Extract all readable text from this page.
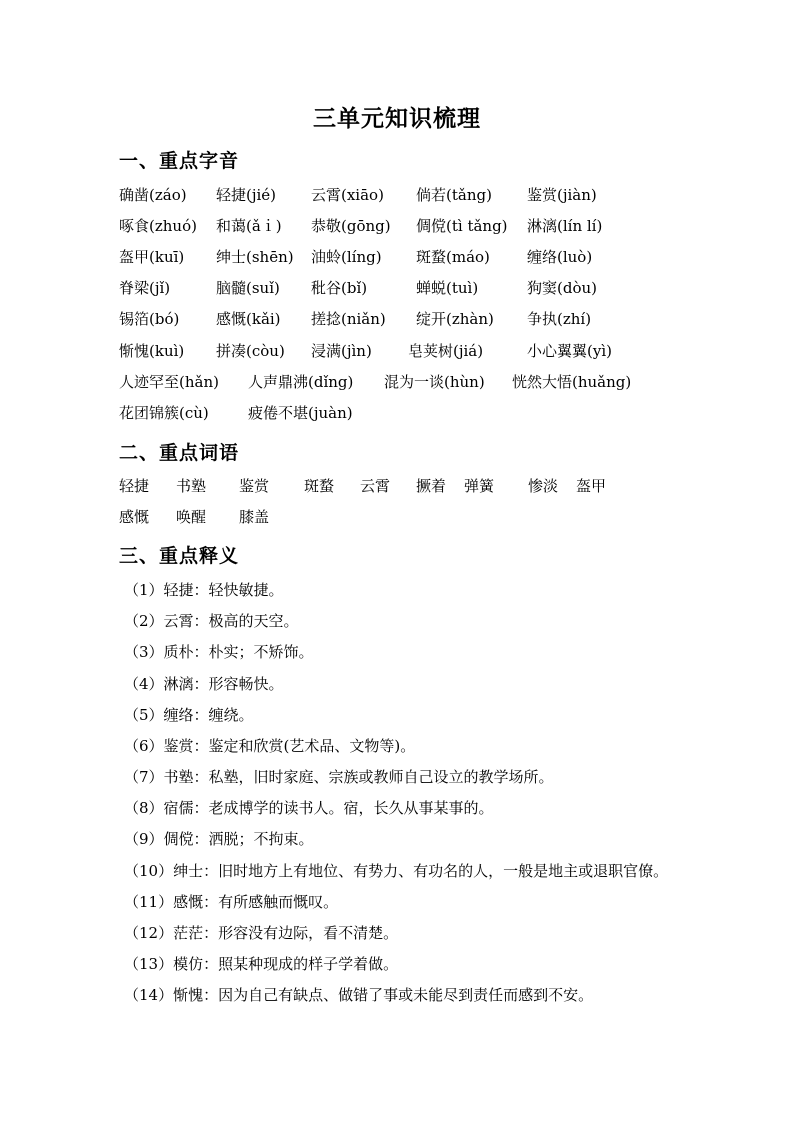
三单元知识梳理
一、重点字音
确凿(záo) 轻捷(jié) 云霄(xiāo) 倘若(tǎng) 鉴赏(jiàn)
啄食(zhuó) 和蔼(ǎｉ) 恭敬(gōng) 倜傥(tì tǎng) 淋漓(lín lí)
盔甲(kuī) 绅士(shēn) 油蛉(líng) 斑蝥(máo) 缠络(luò)
脊梁(jǐ)	脑髓(suǐ) 秕谷(bǐ)	蝉蜕(tuì)	狗窦(dòu)
锡箔(bó) 感慨(kǎi) 搓捻(niǎn) 绽开(zhàn) 争执(zhí)
惭愧(kuì) 拼凑(còu) 浸满(jìn) 皂荚树(jiá)	小心翼翼(yì)
人迹罕至(hǎn) 人声鼎沸(dǐng) 混为一谈(hùn) 恍然大悟(huǎng)
花团锦簇(cù)	疲倦不堪(juàn)
二、重点词语
轻捷 书塾 鉴赏 斑蝥 云霄 撅着 弹簧 惨淡 盔甲
感慨 唤醒 膝盖
三、重点释义
（1）轻捷：轻快敏捷。
（2）云霄：极高的天空。
（3）质朴：朴实；不矫饰。
（4）淋漓：形容畅快。
（5）缠络：缠绕。
（6）鉴赏：鉴定和欣赏(艺术品、文物等)。
（7）书塾：私塾，旧时家庭、宗族或教师自己设立的教学场所。
（8）宿儒：老成博学的读书人。宿，长久从事某事的。
（9）倜傥：洒脱；不拘束。
（10）绅士：旧时地方上有地位、有势力、有功名的人，一般是地主或退职官僚。
（11）感慨：有所感触而慨叹。
（12）茫茫：形容没有边际，看不清楚。
（13）模仿：照某种现成的样子学着做。
（14）惭愧：因为自己有缺点、做错了事或未能尽到责任而感到不安。
